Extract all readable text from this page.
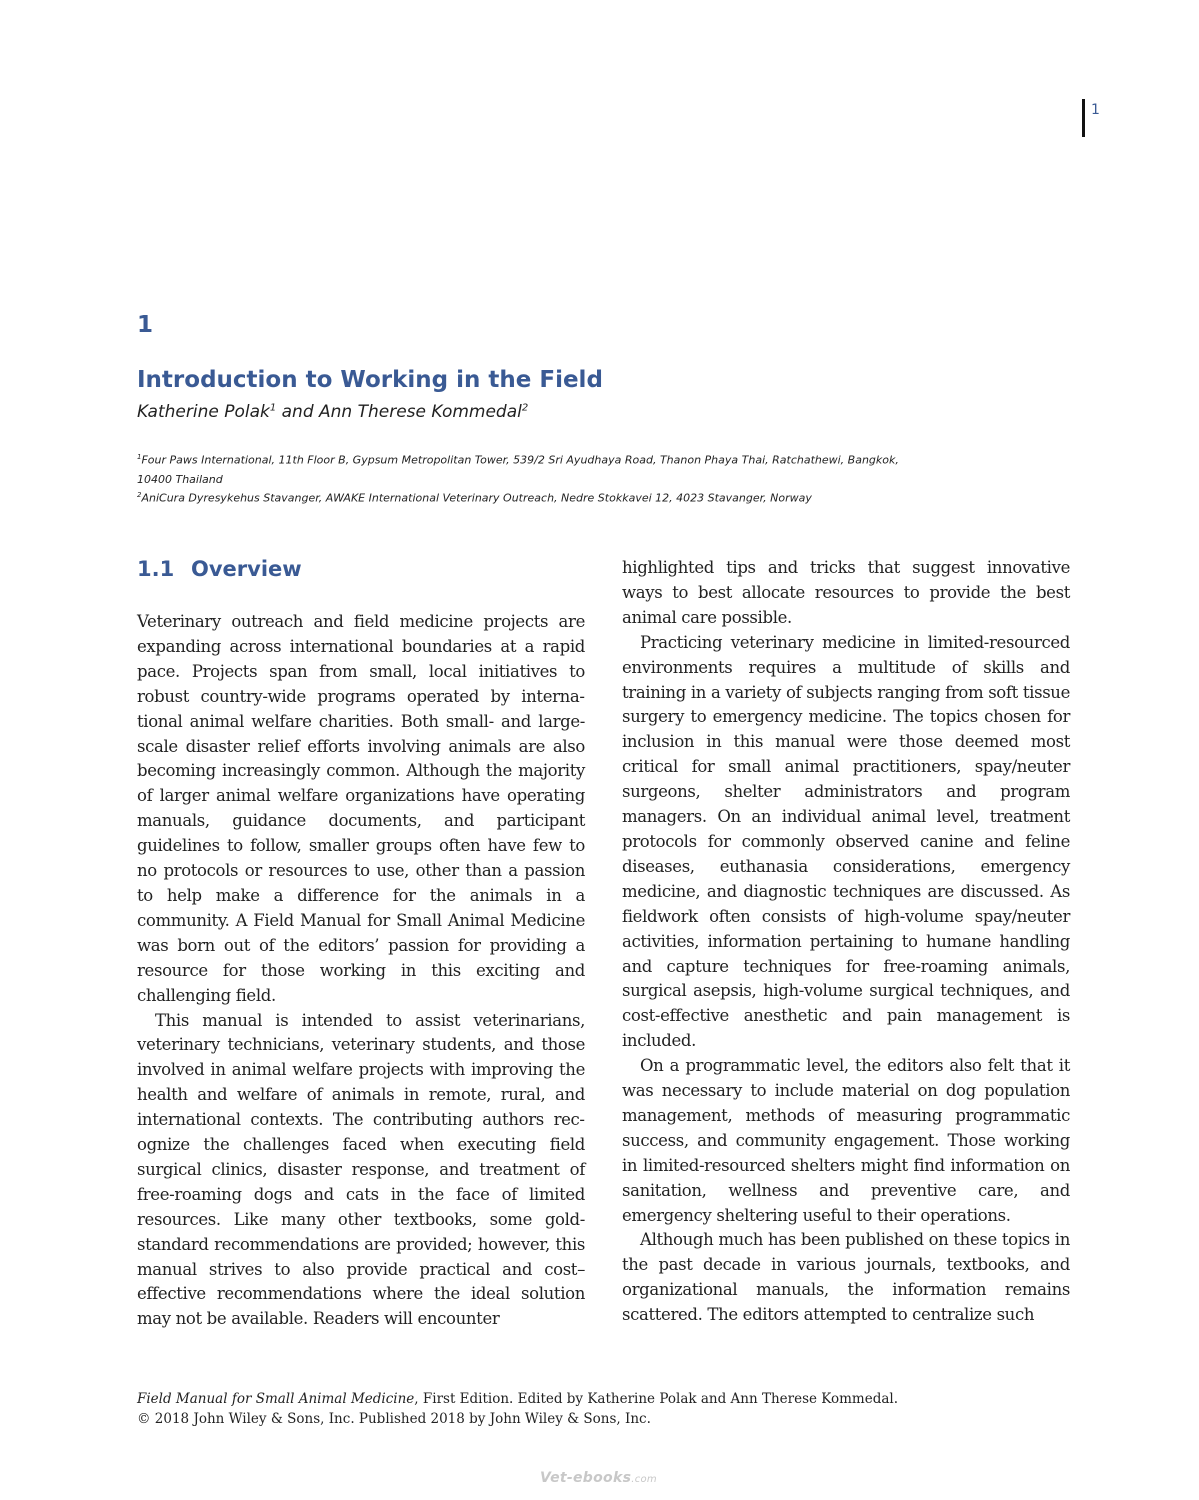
1
1
Introduction to Working in the Field
Katherine Polak$^1$ and Ann Therese Kommedal$^2$
$^1$Four Paws International, 11th Floor B, Gypsum Metropolitan Tower, 539/2 Sri Ayudhaya Road, Thanon Phaya Thai, Ratchathewi, Bangkok,
10400 Thailand
$^2$AniCura Dyresykehus Stavanger, AWAKE International Veterinary Outreach, Nedre Stokkavei 12, 4023 Stavanger, Norway
1.1 Overview

Veterinary outreach and field medicine projects are expanding across international boundaries at a rapid pace. Projects span from small, local initiatives to robust country-wide programs operated by international animal welfare charities. Both small- and large-scale disaster relief efforts involving animals are also becoming increasingly common. Although the majority of larger animal welfare organizations have operating manuals, guidance documents, and participant guidelines to follow, smaller groups often have few to no protocols or resources to use, other than a passion to help make a difference for the animals in a community. A Field Manual for Small Animal Medicine was born out of the editors’ passion for providing a resource for those working in this exciting and challenging field.

This manual is intended to assist veterinarians, veterinary technicians, veterinary students, and those involved in animal welfare projects with improving the health and welfare of animals in remote, rural, and international contexts. The contributing authors recognize the challenges faced when executing field surgical clinics, disaster response, and treatment of free-roaming dogs and cats in the face of limited resources. Like many other textbooks, some gold-standard recommendations are provided; however, this manual strives to also provide practical and cost–effective recommendations where the ideal solution may not be available. Readers will encounter

highlighted tips and tricks that suggest innovative ways to best allocate resources to provide the best animal care possible.

Practicing veterinary medicine in limited-resourced environments requires a multitude of skills and training in a variety of subjects ranging from soft tissue surgery to emergency medicine. The topics chosen for inclusion in this manual were those deemed most critical for small animal practitioners, spay/neuter surgeons, shelter administrators and program managers. On an individual animal level, treatment protocols for commonly observed canine and feline diseases, euthanasia considerations, emergency medicine, and diagnostic techniques are discussed. As fieldwork often consists of high-volume spay/neuter activities, information pertaining to humane handling and capture techniques for free-roaming animals, surgical asepsis, high-volume surgical techniques, and cost-effective anesthetic and pain management is included.

On a programmatic level, the editors also felt that it was necessary to include material on dog population management, methods of measuring programmatic success, and community engagement. Those working in limited-resourced shelters might find information on sanitation, wellness and preventive care, and emergency sheltering useful to their operations.

Although much has been published on these topics in the past decade in various journals, textbooks, and organizational manuals, the information remains scattered. The editors attempted to centralize such

Field Manual for Small Animal Medicine, First Edition. Edited by Katherine Polak and Ann Therese Kommedal.
© 2018 John Wiley & Sons, Inc. Published 2018 by John Wiley & Sons, Inc.
Vet-ebooks.com
